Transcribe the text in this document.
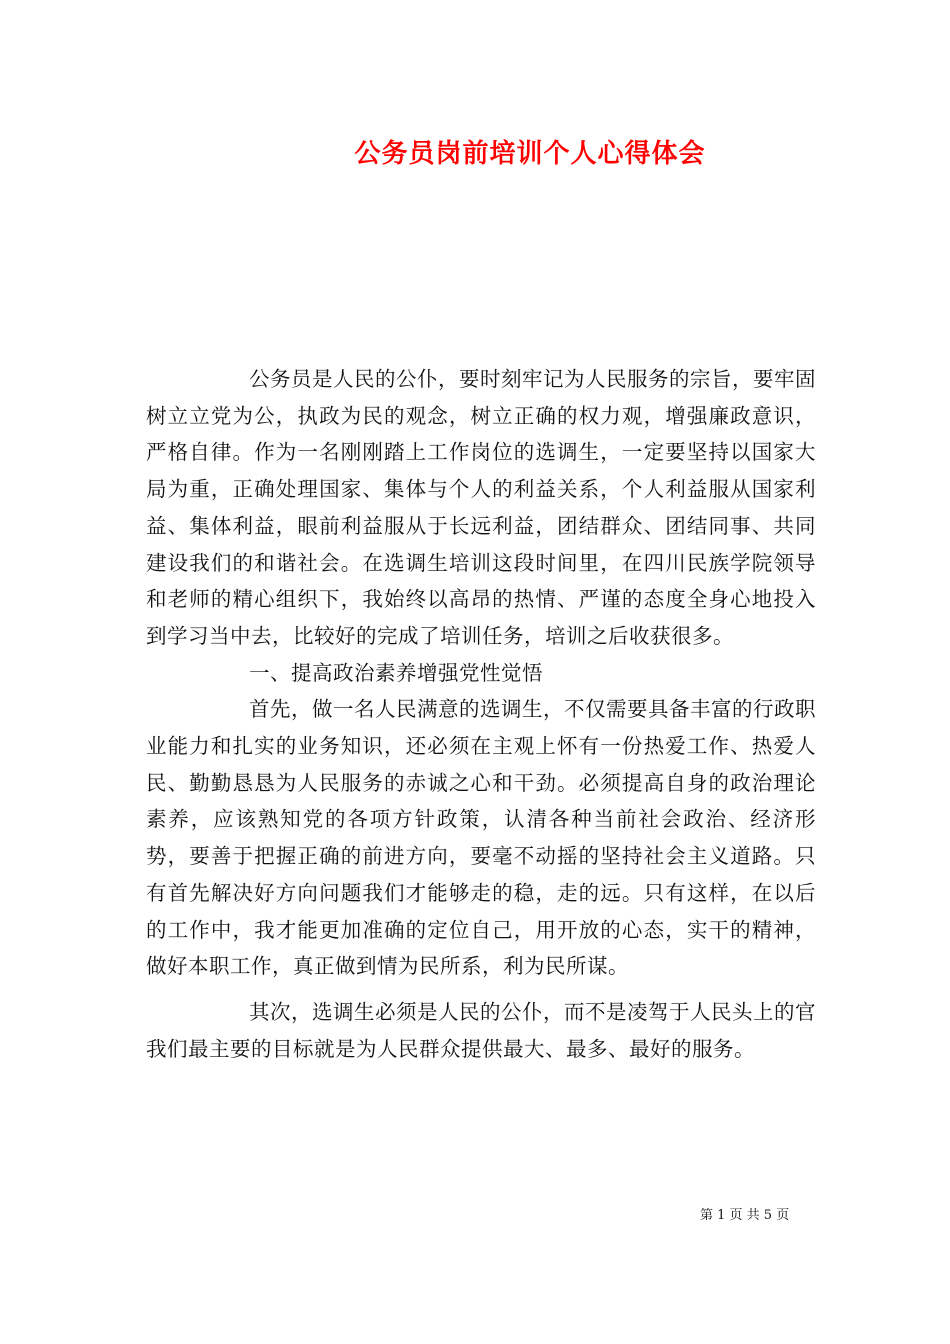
公务员岗前培训个人心得体会

公务员是人民的公仆，要时刻牢记为人民服务的宗旨，要牢固树立立党为公，执政为民的观念，树立正确的权力观，增强廉政意识，严格自律。作为一名刚刚踏上工作岗位的选调生，一定要坚持以国家大局为重，正确处理国家、集体与个人的利益关系，个人利益服从国家利益、集体利益，眼前利益服从于长远利益，团结群众、团结同事、共同建设我们的和谐社会。在选调生培训这段时间里，在四川民族学院领导和老师的精心组织下，我始终以高昂的热情、严谨的态度全身心地投入到学习当中去，比较好的完成了培训任务，培训之后收获很多。

一、提高政治素养增强党性觉悟

首先，做一名人民满意的选调生，不仅需要具备丰富的行政职业能力和扎实的业务知识，还必须在主观上怀有一份热爱工作、热爱人民、勤勤恳恳为人民服务的赤诚之心和干劲。必须提高自身的政治理论素养，应该熟知党的各项方针政策，认清各种当前社会政治、经济形势，要善于把握正确的前进方向，要毫不动摇的坚持社会主义道路。只有首先解决好方向问题我们才能够走的稳，走的远。只有这样，在以后的工作中，我才能更加准确的定位自己，用开放的心态，实干的精神，做好本职工作，真正做到情为民所系，利为民所谋。

其次，选调生必须是人民的公仆，而不是凌驾于人民头上的官我们最主要的目标就是为人民群众提供最大、最多、最好的服务。

第 1 页 共 5 页
